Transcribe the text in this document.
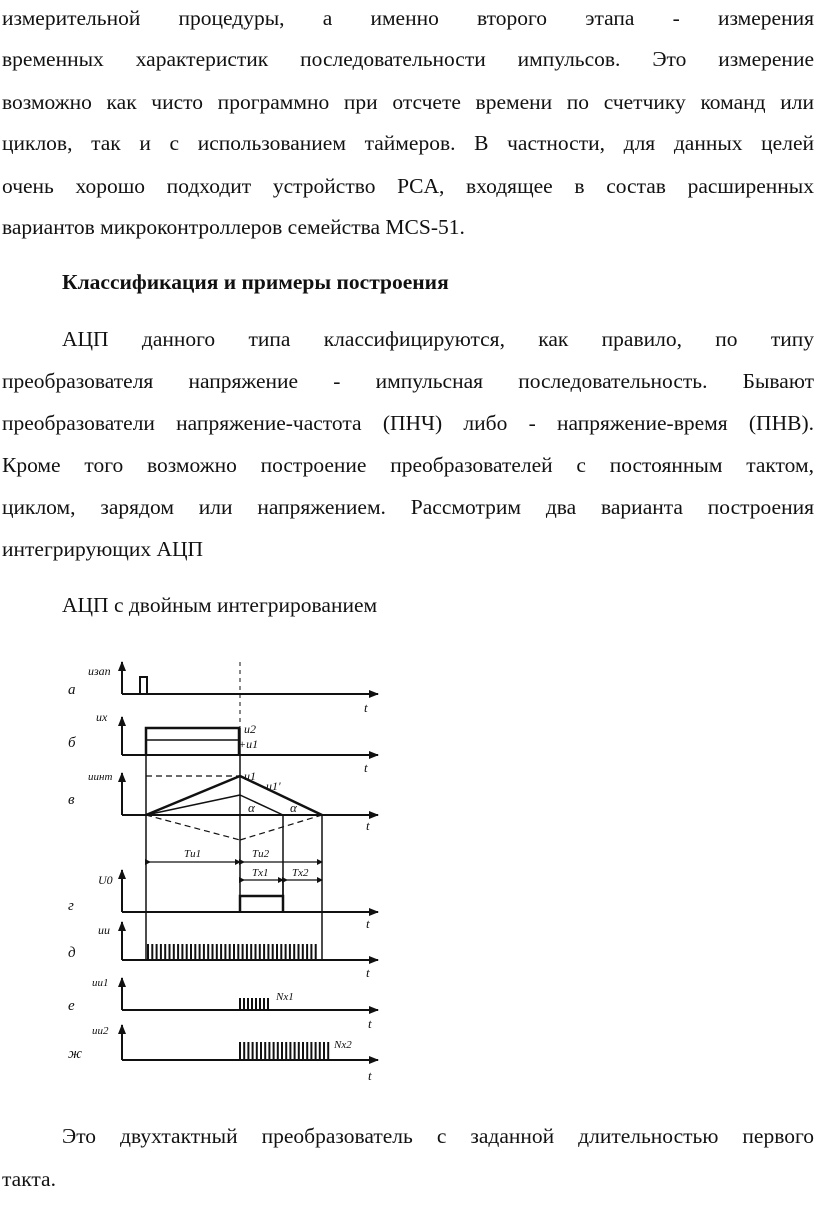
измерительной процедуры, а именно второго этапа - измерения
временных характеристик последовательности импульсов. Это измерение
возможно как чисто программно при отсчете времени по счетчику команд или
циклов, так и с использованием таймеров. В частности, для данных целей
очень хорошо подходит устройство PCA, входящее в состав расширенных
вариантов микроконтроллеров семейства MCS-51.
Классификация и примеры построения
АЦП данного типа классифицируются, как правило, по типу
преобразователя напряжение - импульсная последовательность. Бывают
преобразователи напряжение-частота (ПНЧ) либо - напряжение-время (ПНВ).
Кроме того возможно построение преобразователей с постоянным тактом,
циклом, зарядом или напряжением. Рассмотрим два варианта построения
интегрирующих АЦП
АЦП с двойным интегрированием
а
б
в
г
д
е
ж
uзап
ux
uинт
U0
uи
uи1
uи2
t
t
t
t
t
t
t
u2
+u1
-u1
-u1'
α	α
Tи1	Tи2
Tx1 Tx2
Nx1
Nx2
Это двухтактный преобразователь с заданной длительностью первого
такта.
